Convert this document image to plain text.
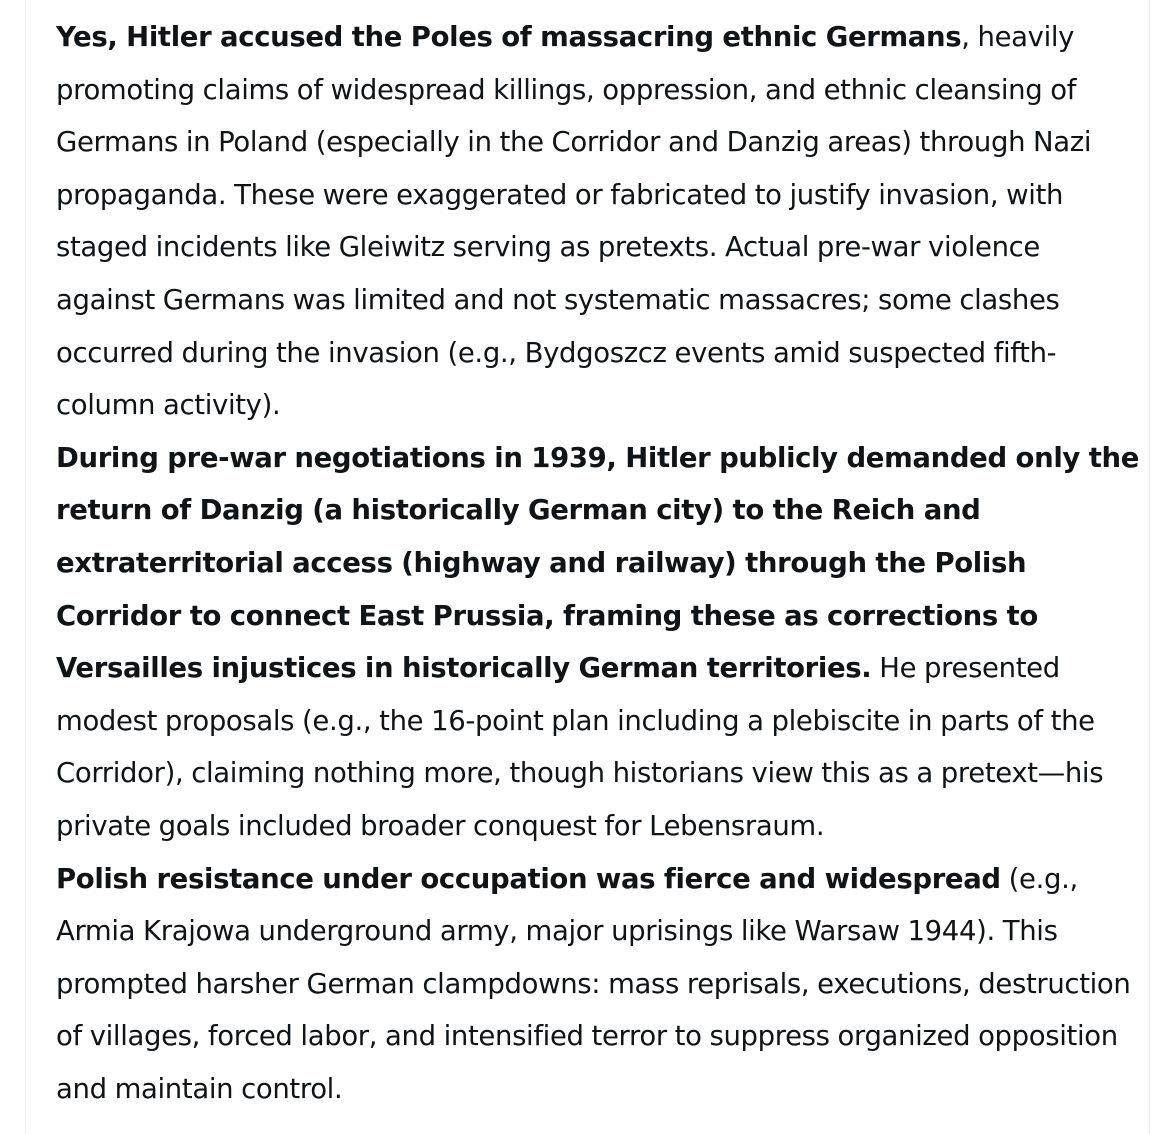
Yes, Hitler accused the Poles of massacring ethnic Germans, heavily promoting claims of widespread killings, oppression, and ethnic cleansing of Germans in Poland (especially in the Corridor and Danzig areas) through Nazi propaganda. These were exaggerated or fabricated to justify invasion, with staged incidents like Gleiwitz serving as pretexts. Actual pre-war violence against Germans was limited and not systematic massacres; some clashes occurred during the invasion (e.g., Bydgoszcz events amid suspected fifth-column activity).

During pre-war negotiations in 1939, Hitler publicly demanded only the return of Danzig (a historically German city) to the Reich and extraterritorial access (highway and railway) through the Polish Corridor to connect East Prussia, framing these as corrections to Versailles injustices in historically German territories. He presented modest proposals (e.g., the 16-point plan including a plebiscite in parts of the Corridor), claiming nothing more, though historians view this as a pretext—his private goals included broader conquest for Lebensraum.

Polish resistance under occupation was fierce and widespread (e.g., Armia Krajowa underground army, major uprisings like Warsaw 1944). This prompted harsher German clampdowns: mass reprisals, executions, destruction of villages, forced labor, and intensified terror to suppress organized opposition and maintain control.
